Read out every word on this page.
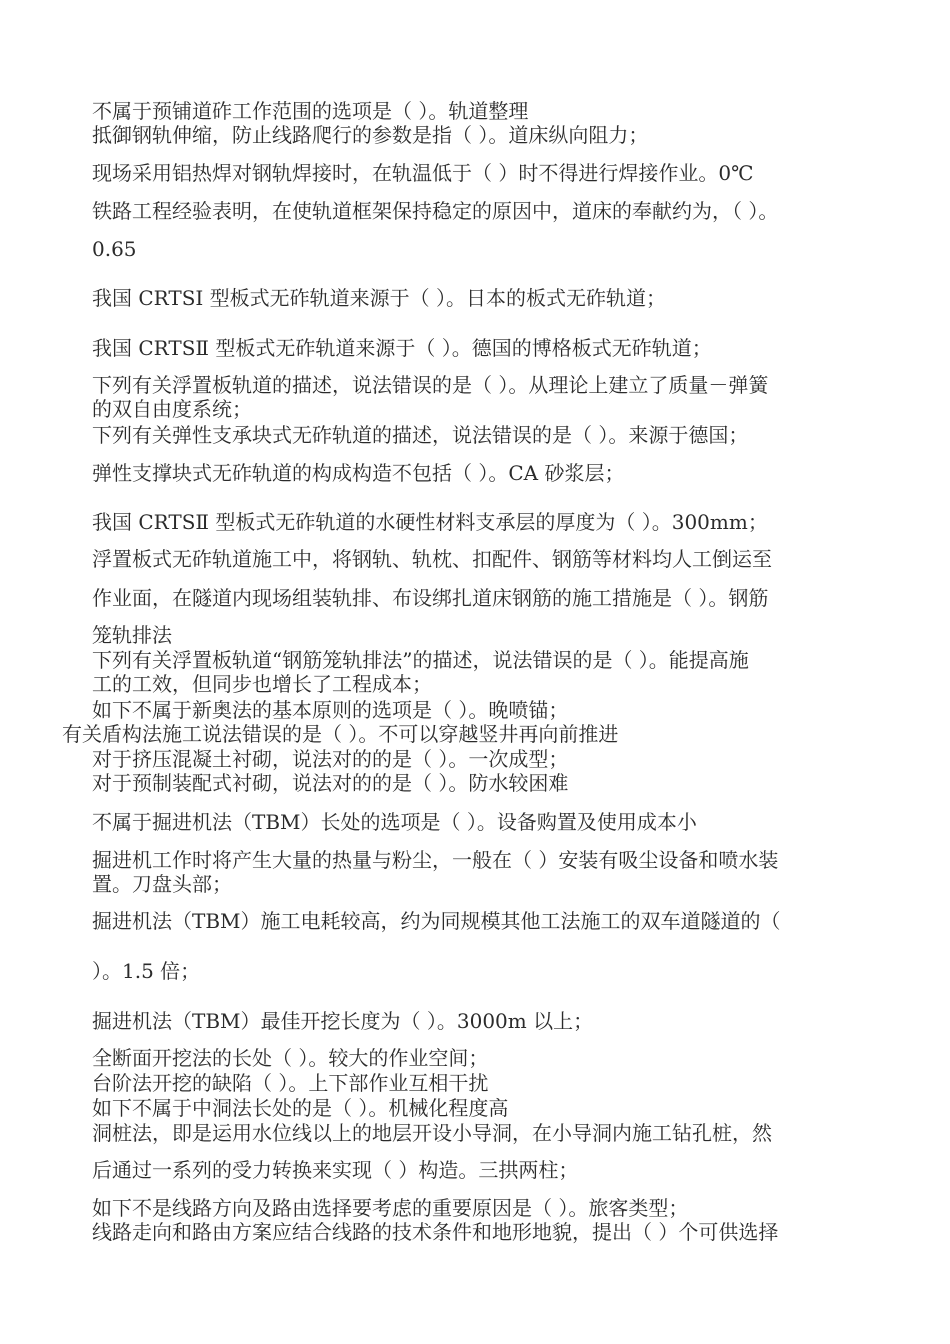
不属于预铺道砟工作范围的选项是（ ）。轨道整理
抵御钢轨伸缩，防止线路爬行的参数是指（ ）。道床纵向阻力；
现场采用铝热焊对钢轨焊接时，在轨温低于（ ）时不得进行焊接作业。0℃
铁路工程经验表明，在使轨道框架保持稳定的原因中，道床的奉献约为，（ ）。
0.65
我国 CRTSⅠ 型板式无砟轨道来源于（ ）。日本的板式无砟轨道；
我国 CRTSⅡ 型板式无砟轨道来源于（ ）。德国的博格板式无砟轨道；
下列有关浮置板轨道的描述，说法错误的是（ ）。从理论上建立了质量－弹簧
的双自由度系统；
下列有关弹性支承块式无砟轨道的描述，说法错误的是（ ）。来源于德国；
弹性支撑块式无砟轨道的构成构造不包括（ ）。CA 砂浆层；
我国 CRTSⅡ 型板式无砟轨道的水硬性材料支承层的厚度为（ ）。300mm；
浮置板式无砟轨道施工中，将钢轨、轨枕、扣配件、钢筋等材料均人工倒运至
作业面，在隧道内现场组装轨排、布设绑扎道床钢筋的施工措施是（ ）。钢筋
笼轨排法
下列有关浮置板轨道“钢筋笼轨排法”的描述，说法错误的是（ ）。能提高施
工的工效，但同步也增长了工程成本；
如下不属于新奥法的基本原则的选项是（ ）。晚喷锚；
有关盾构法施工说法错误的是（ ）。不可以穿越竖井再向前推进
对于挤压混凝土衬砌，说法对的的是（ ）。一次成型；
对于预制装配式衬砌，说法对的的是（ ）。防水较困难
不属于掘进机法（TBM）长处的选项是（ ）。设备购置及使用成本小
掘进机工作时将产生大量的热量与粉尘，一般在（ ）安装有吸尘设备和喷水装
置。刀盘头部；
掘进机法（TBM）施工电耗较高，约为同规模其他工法施工的双车道隧道的（
）。1.5 倍；
掘进机法（TBM）最佳开挖长度为（ ）。3000m 以上；
全断面开挖法的长处（ ）。较大的作业空间；
台阶法开挖的缺陷（ ）。上下部作业互相干扰
如下不属于中洞法长处的是（ ）。机械化程度高
洞桩法，即是运用水位线以上的地层开设小导洞，在小导洞内施工钻孔桩，然
后通过一系列的受力转换来实现（ ）构造。三拱两柱；
如下不是线路方向及路由选择要考虑的重要原因是（ ）。旅客类型；
线路走向和路由方案应结合线路的技术条件和地形地貌，提出（ ）个可供选择
